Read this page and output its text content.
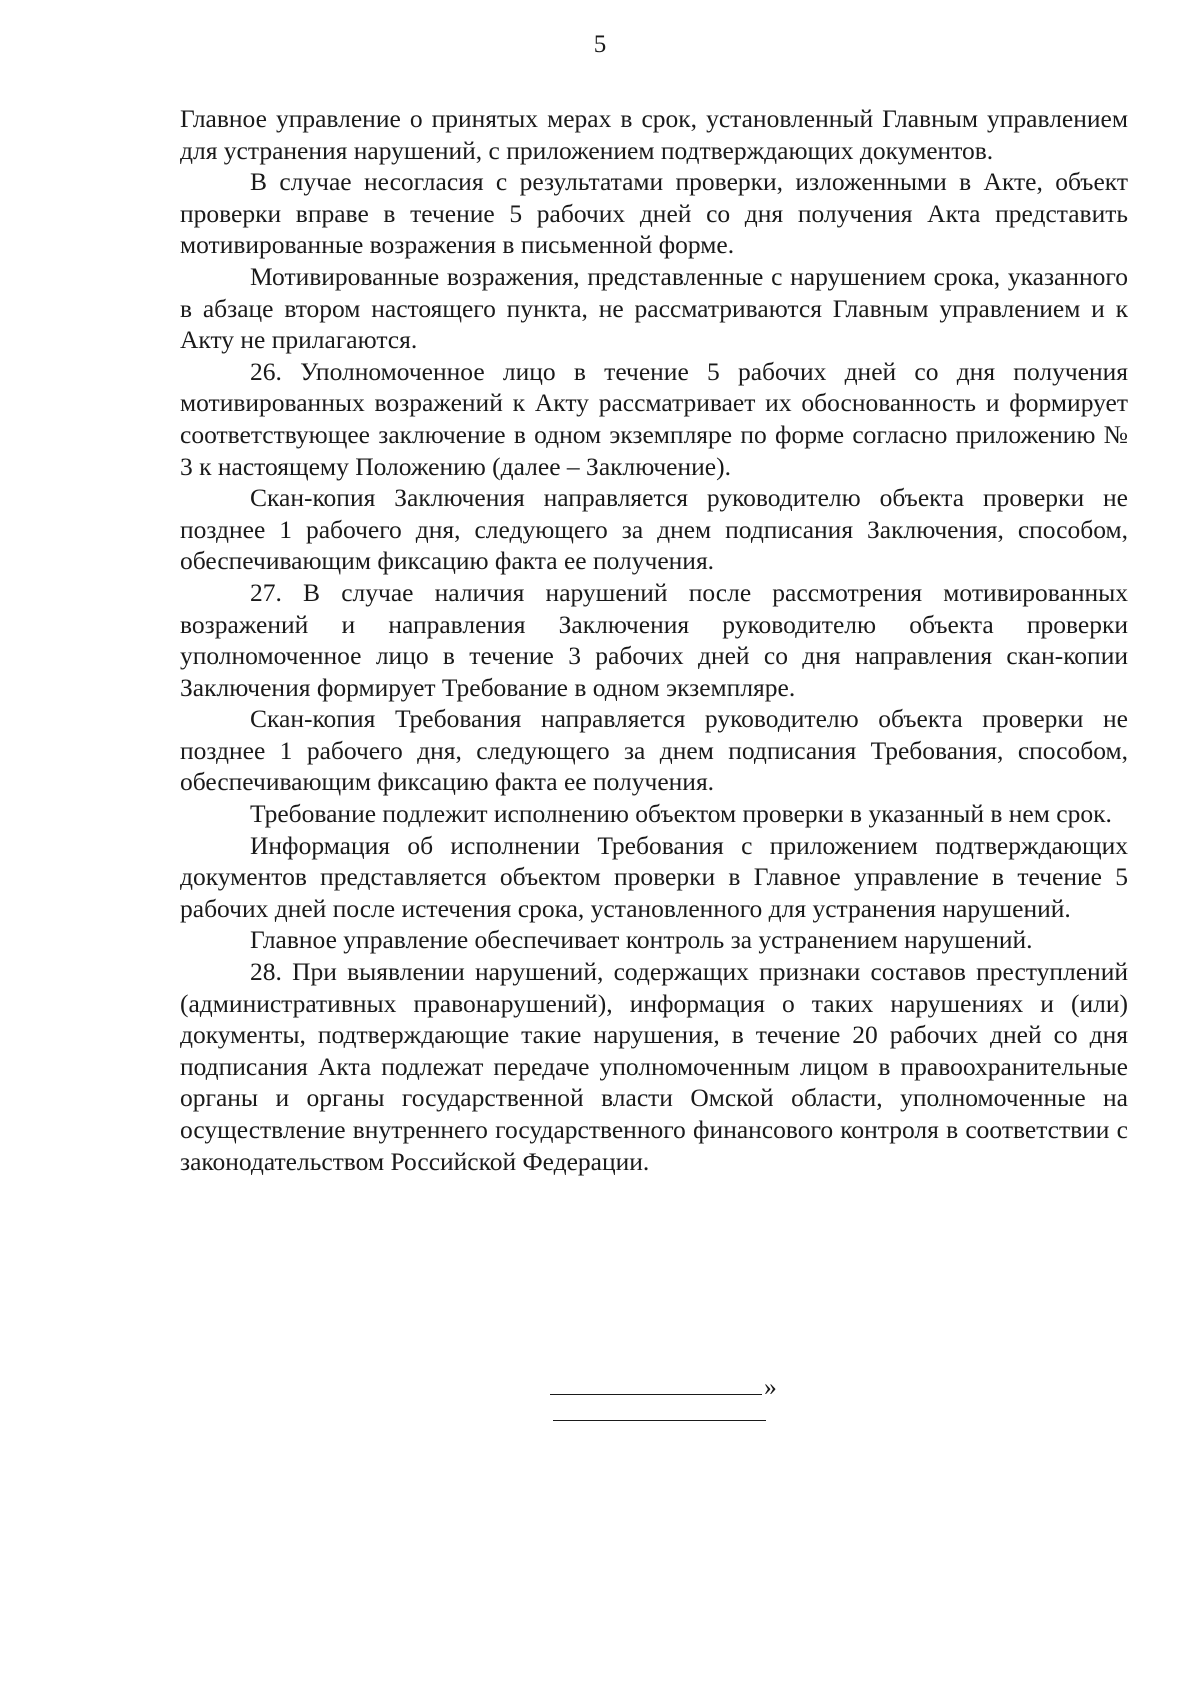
5

Главное управление о принятых мерах в срок, установленный Главным управлением для устранения нарушений, с приложением подтверждающих документов.

В случае несогласия с результатами проверки, изложенными в Акте, объект проверки вправе в течение 5 рабочих дней со дня получения Акта представить мотивированные возражения в письменной форме.

Мотивированные возражения, представленные с нарушением срока, указанного в абзаце втором настоящего пункта, не рассматриваются Главным управлением и к Акту не прилагаются.

26. Уполномоченное лицо в течение 5 рабочих дней со дня получения мотивированных возражений к Акту рассматривает их обоснованность и формирует соответствующее заключение в одном экземпляре по форме согласно приложению № 3 к настоящему Положению (далее – Заключение).

Скан-копия Заключения направляется руководителю объекта проверки не позднее 1 рабочего дня, следующего за днем подписания Заключения, способом, обеспечивающим фиксацию факта ее получения.

27. В случае наличия нарушений после рассмотрения мотивированных возражений и направления Заключения руководителю объекта проверки уполномоченное лицо в течение 3 рабочих дней со дня направления скан-копии Заключения формирует Требование в одном экземпляре.

Скан-копия Требования направляется руководителю объекта проверки не позднее 1 рабочего дня, следующего за днем подписания Требования, способом, обеспечивающим фиксацию факта ее получения.

Требование подлежит исполнению объектом проверки в указанный в нем срок.

Информация об исполнении Требования с приложением подтверждающих документов представляется объектом проверки в Главное управление в течение 5 рабочих дней после истечения срока, установленного для устранения нарушений.

Главное управление обеспечивает контроль за устранением нарушений.

28. При выявлении нарушений, содержащих признаки составов преступлений (административных правонарушений), информация о таких нарушениях и (или) документы, подтверждающие такие нарушения, в течение 20 рабочих дней со дня подписания Акта подлежат передаче уполномоченным лицом в правоохранительные органы и органы государственной власти Омской области, уполномоченные на осуществление внутреннего государственного финансового контроля в соответствии с законодательством Российской Федерации.

»
